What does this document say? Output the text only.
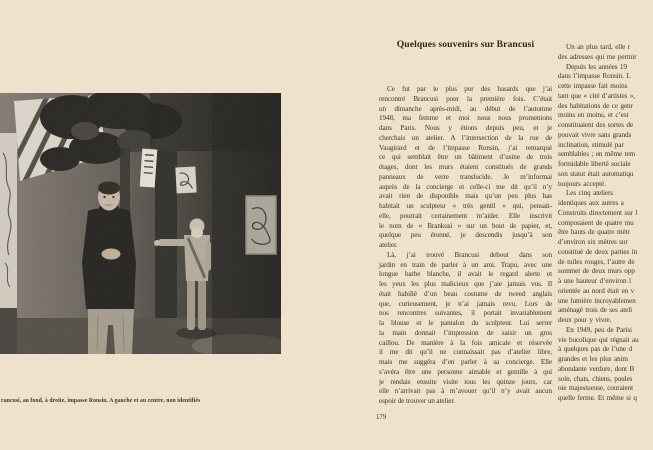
rancusi, au fond, à droite, impasse Ronsin. A gauche et au centre, non identifiés
Quelques souvenirs sur Brancusi
Ce fut par le plus pur des hasards que j’ai
rencontré Brancusi pour la première fois. C’était
un dimanche après-midi, au début de l’automne
1948, ma femme et moi nous nous promenions
dans Paris. Nous y étions depuis peu, et je
cherchais un atelier. A l’intersection de la rue de
Vaugirard et de l’impasse Ronsin, j’ai remarqué
ce qui semblait être un bâtiment d’usine de trois
étages, dont les murs étaient constitués de grands
panneaux de verre translucide. Je m’informai
auprès de la concierge et celle-ci me dit qu’il n’y
avait rien de disponible mais qu’un peu plus bas
habitait un sculpteur « très gentil » qui, pensait-
elle, pourrait certainement m’aider. Elle inscrivit
le nom de « Brankusi » sur un bout de papier, et,
quelque peu étonné, je descendis jusqu’à son
atelier.
Là, j’ai trouvé Brancusi debout dans son
jardin en train de parler à un ami. Trapu, avec une
longue barbe blanche, il avait le regard alerte et
les yeux les plus malicieux que j’aie jamais vus. Il
était habillé d’un beau costume de tweed anglais
que, curieusement, je n’ai jamais revu. Lors de
nos rencontres suivantes, il portait invariablement
la blouse et le pantalon du sculpteur. Lui serrer
la main donnait l’impression de saisir un gros
caillou. De manière à la fois amicale et réservée
il me dit qu’il ne connaissait pas d’atelier libre,
mais me suggéra d’en parler à sa concierge. Elle
s’avéra être une personne aimable et gentille à qui
je rendais ensuite visite tous les quinze jours, car
elle n’arrivait pas à m’avouer qu’il n’y avait aucun
espoir de trouver un atelier.
Un an plus tard, elle r
des adresses qui me permir
Depuis les années 19
dans l’impasse Ronsin. L
cette impasse fait moins
tant que « cité d’artistes »,
des habitations de ce genr
moins en moins, et c’est
constituaient des sortes de
pouvait vivre sans grands
inclination, stimulé par
semblables ; en même tem
formidable liberté sociale
son statut était automatiqu
toujours accepté.
Les cinq ateliers
identiques aux autres a
Construits directement sur l
composaient de quatre mu
être hauts de quatre mètr
d’environ six mètres sur
constitué de deux parties in
de tuiles rouges, l’autre de
sommet de deux murs opp
à une hauteur d’environ l
orientée au nord était en v
une lumière incroyablemen
aménagé trois de ses ateli
deux pour y vivre.
En 1949, peu de Parisi
vie bucolique qui régnait au
à quelques pas de l’une d
grandes et les plus anim
abondante verdure, dont B
soin, chats, chiens, poules
oie majestueuse, couraient
quelle ferme. Et même si q
179
